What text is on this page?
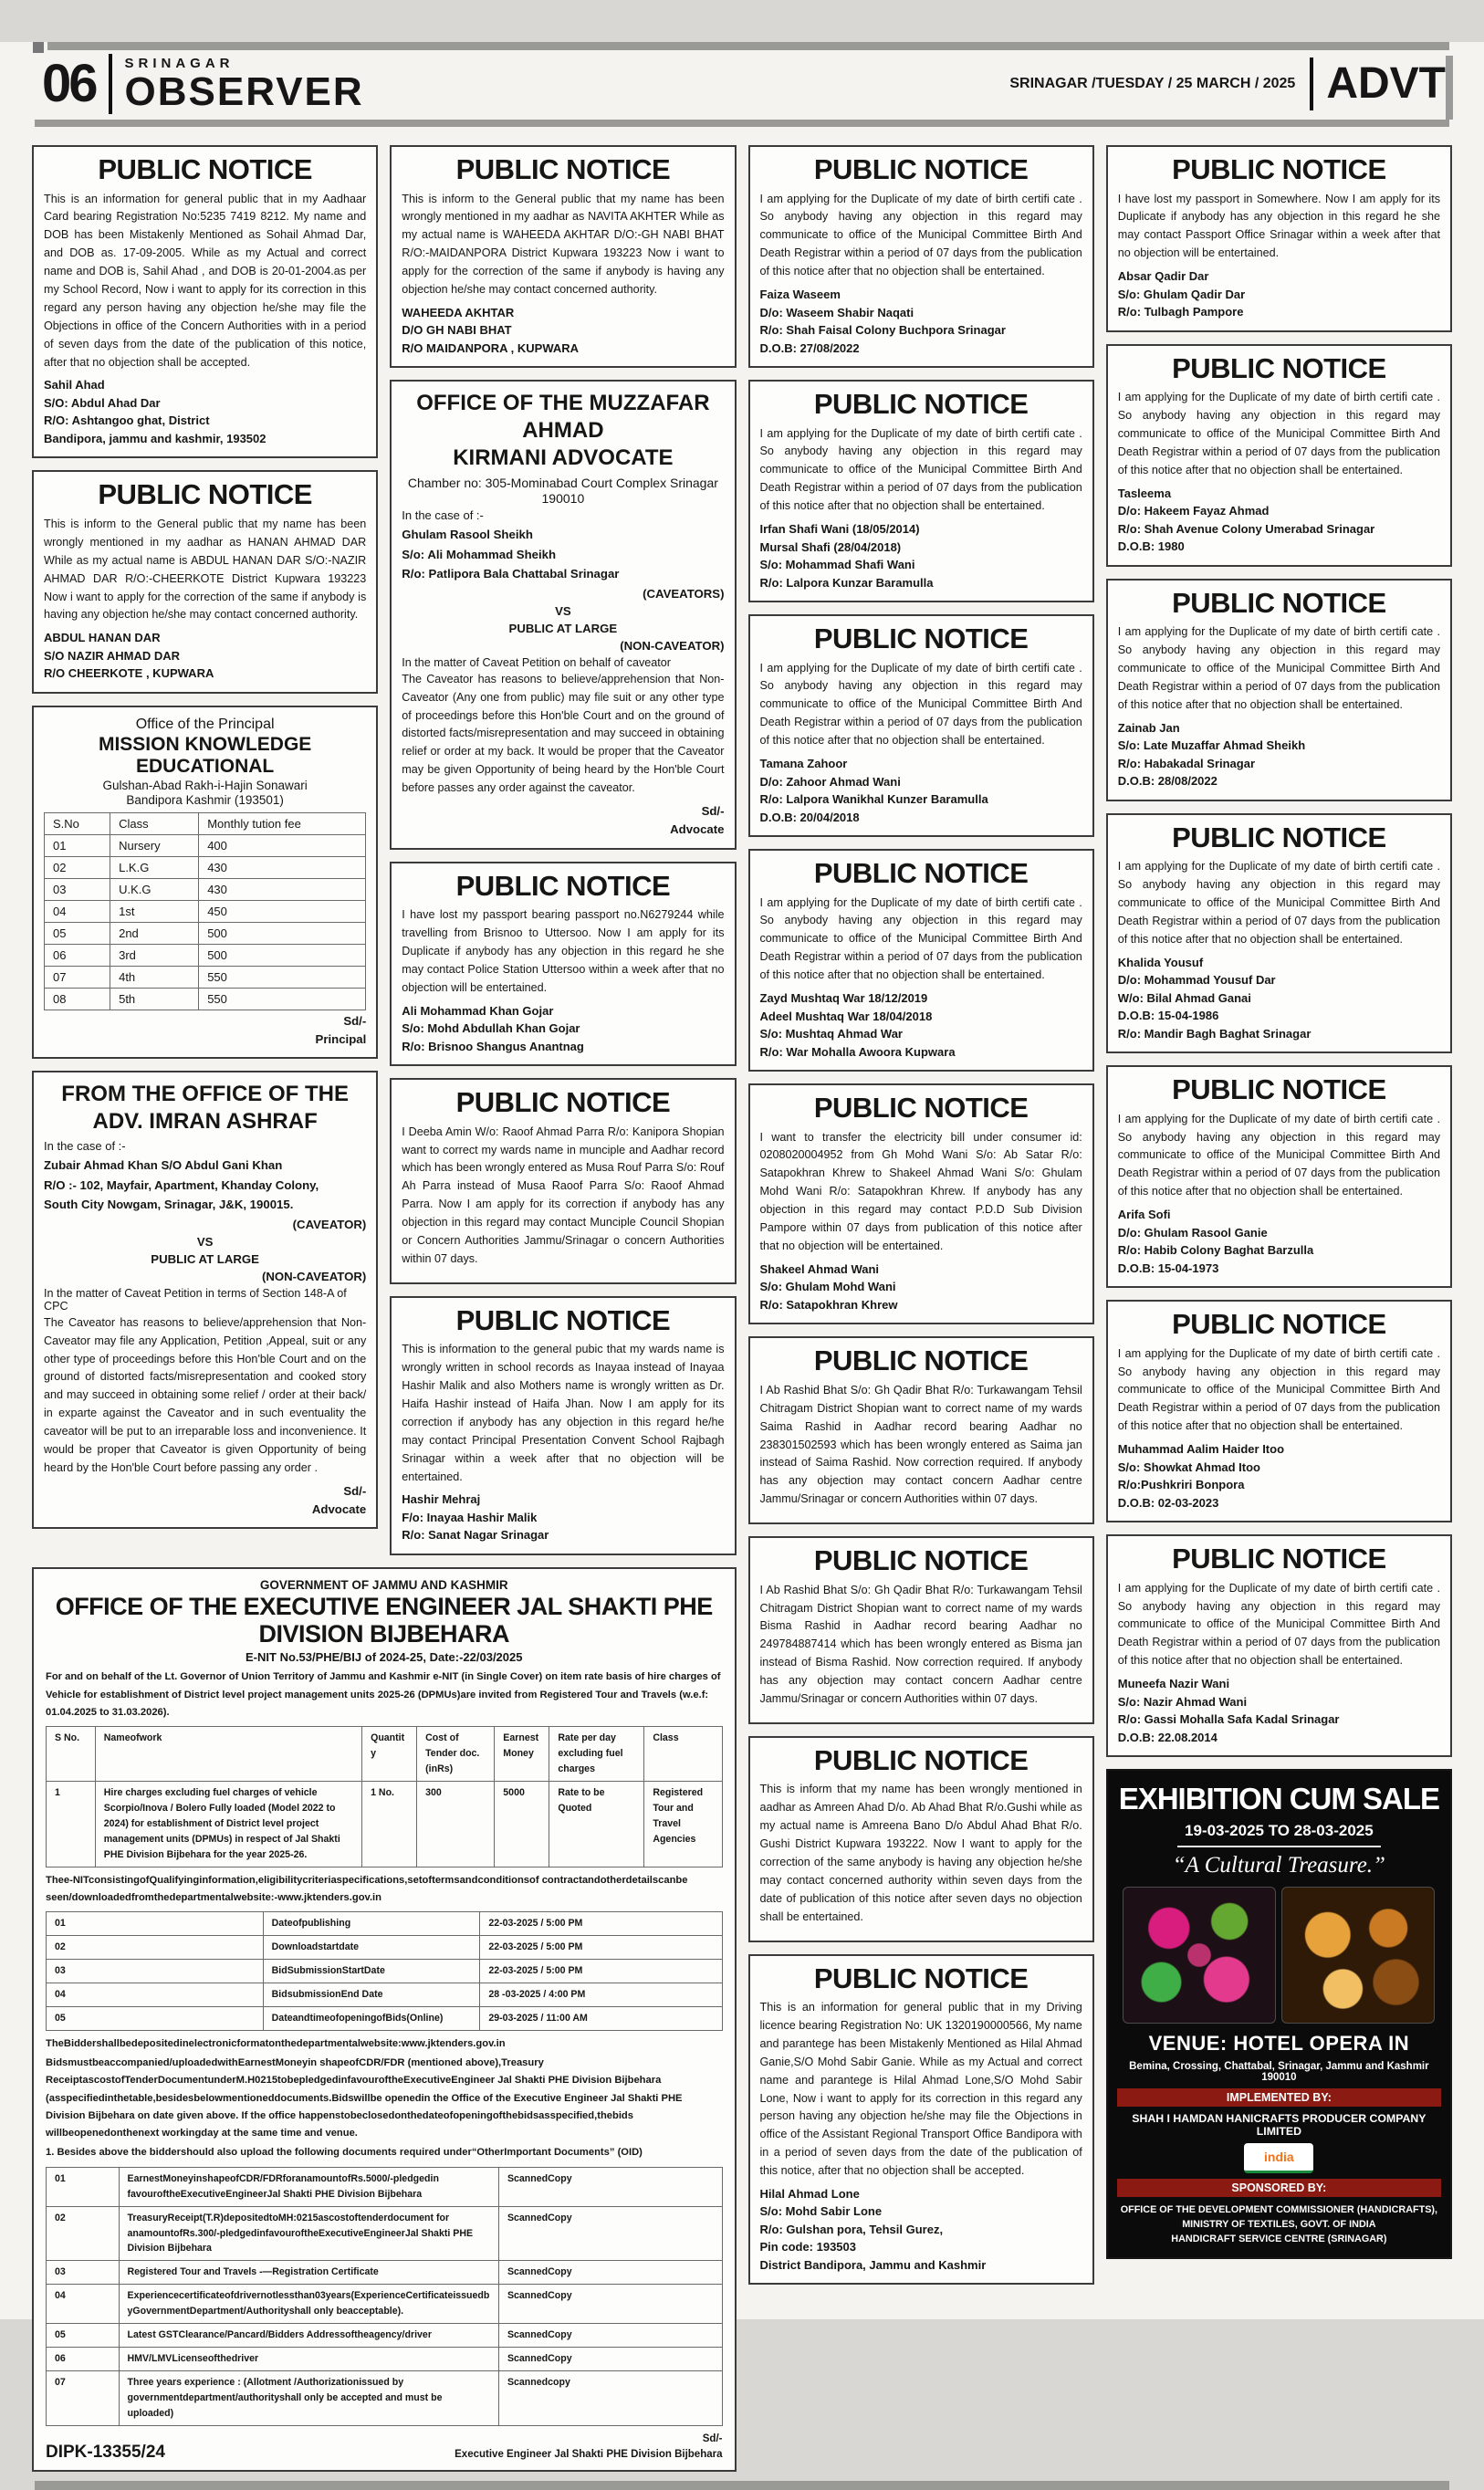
06 SRINAGAR
OBSERVER	SRINAGAR /TUESDAY / 25 MARCH / 2025 ADVT
PUBLIC NOTICE

This is an information for general public that in my Aadhaar Card bearing Registration No:5235 7419 8212. My name and DOB has been Mistakenly Mentioned as Sohail Ahmad Dar, and DOB as. 17-09-2005. While as my Actual and correct name and DOB is, Sahil Ahad , and DOB is 20-01-2004.as per my School Record, Now i want to apply for its correction in this regard any person having any objection he/she may file the Objections in office of the Concern Authorities with in a period of seven days from the date of the publication of this notice, after that no objection shall be accepted.

Sahil Ahad
S/O: Abdul Ahad Dar
R/O: Ashtangoo ghat, District
Bandipora, jammu and kashmir, 193502
PUBLIC NOTICE

This is inform to the General public that my name has been wrongly mentioned in my aadhar as HANAN AHMAD DAR While as my actual name is ABDUL HANAN DAR S/O:-NAZIR AHMAD DAR R/O:-CHEERKOTE District Kupwara 193223 Now i want to apply for the correction of the same if anybody is having any objection he/she may contact concerned authority.

ABDUL HANAN DAR
S/O NAZIR AHMAD DAR
R/O CHEERKOTE , KUPWARA
Office of the Principal
MISSION KNOWLEDGE EDUCATIONAL
Gulshan-Abad Rakh-i-Hajin Sonawari
Bandipora Kashmir (193501)
S.No	Class	Monthly tution fee
01	Nursery	400
02	L.K.G	430
03	U.K.G	430
04	1st	450
05	2nd	500
06	3rd	500
07	4th	550
08	5th	550
Sd/-
Principal
FROM THE OFFICE OF THE
ADV. IMRAN ASHRAF
In the case of :-
Zubair Ahmad Khan S/O Abdul Gani Khan
R/O :- 102, Mayfair, Apartment, Khanday Colony,
South City Nowgam, Srinagar, J&K, 190015.
(CAVEATOR)
VS
PUBLIC AT LARGE
(NON-CAVEATOR)
In the matter of Caveat Petition in terms of Section 148-A of CPC

The Caveator has reasons to believe/apprehension that Non-Caveator may file any Application, Petition ,Appeal, suit or any other type of proceedings before this Hon'ble Court and on the ground of distorted facts/misrepresentation and cooked story and may succeed in obtaining some relief / order at their back/ in exparte against the Caveator and in such eventuality the caveator will be put to an irreparable loss and inconvenience. It would be proper that Caveator is given Opportunity of being heard by the Hon'ble Court before passing any order .

Sd/-
Advocate
PUBLIC NOTICE

This is inform to the General public that my name has been wrongly mentioned in my aadhar as NAVITA AKHTER While as my actual name is WAHEEDA AKHTAR D/O:-GH NABI BHAT R/O:-MAIDANPORA District Kupwara 193223 Now i want to apply for the correction of the same if anybody is having any objection he/she may contact concerned authority.

WAHEEDA AKHTAR
D/O GH NABI BHAT
R/O MAIDANPORA , KUPWARA
OFFICE OF THE MUZZAFAR AHMAD
KIRMANI ADVOCATE
Chamber no: 305-Mominabad Court Complex Srinagar
190010
In the case of :-
Ghulam Rasool Sheikh
S/o: Ali Mohammad Sheikh
R/o: Patlipora Bala Chattabal Srinagar
(CAVEATORS)
VS
PUBLIC AT LARGE
(NON-CAVEATOR)
In the matter of Caveat Petition on behalf of caveator

The Caveator has reasons to believe/apprehension that Non-Caveator (Any one from public) may file suit or any other type of proceedings before this Hon'ble Court and on the ground of distorted facts/misrepresentation and may succeed in obtaining relief or order at my back. It would be proper that the Caveator may be given Opportunity of being heard by the Hon'ble Court before passes any order against the caveator.

Sd/-
Advocate
PUBLIC NOTICE

I have lost my passport bearing passport no.N6279244 while travelling from Brisnoo to Uttersoo. Now I am apply for its Duplicate if anybody has any objection in this regard he she may contact Police Station Uttersoo within a week after that no objection will be entertained.

Ali Mohammad Khan Gojar
S/o: Mohd Abdullah Khan Gojar
R/o: Brisnoo Shangus Anantnag
PUBLIC NOTICE

I Deeba Amin W/o: Raoof Ahmad Parra R/o: Kanipora Shopian want to correct my wards name in munciple and Aadhar record which has been wrongly entered as Musa Rouf Parra S/o: Rouf Ah Parra instead of Musa Raoof Parra S/o: Raoof Ahmad Parra. Now I am apply for its correction if anybody has any objection in this regard may contact Munciple Council Shopian or Concern Authorities Jammu/Srinagar o concern Authorities within 07 days.

PUBLIC NOTICE

This is information to the general pubic that my wards name is wrongly written in school records as Inayaa instead of Inayaa Hashir Malik and also Mothers name is wrongly written as Dr. Haifa Hashir instead of Haifa Jhan. Now I am apply for its correction if anybody has any objection in this regard he/he may contact Principal Presentation Convent School Rajbagh Srinagar within a week after that no objection will be entertained.

Hashir Mehraj
F/o: Inayaa Hashir Malik
R/o: Sanat Nagar Srinagar
PUBLIC NOTICE

I am applying for the Duplicate of my date of birth certifi cate . So anybody having any objection in this regard may communicate to office of the Municipal Committee Birth And Death Registrar within a period of 07 days from the publication of this notice after that no objection shall be entertained.

Faiza Waseem
D/o: Waseem Shabir Naqati
R/o: Shah Faisal Colony Buchpora Srinagar
D.O.B: 27/08/2022
PUBLIC NOTICE

I am applying for the Duplicate of my date of birth certifi cate . So anybody having any objection in this regard may communicate to office of the Municipal Committee Birth And Death Registrar within a period of 07 days from the publication of this notice after that no objection shall be entertained.

Irfan Shafi Wani (18/05/2014)
Mursal Shafi (28/04/2018)
S/o: Mohammad Shafi Wani
R/o: Lalpora Kunzar Baramulla
PUBLIC NOTICE

I am applying for the Duplicate of my date of birth certifi cate . So anybody having any objection in this regard may communicate to office of the Municipal Committee Birth And Death Registrar within a period of 07 days from the publication of this notice after that no objection shall be entertained.

Tamana Zahoor
D/o: Zahoor Ahmad Wani
R/o: Lalpora Wanikhal Kunzer Baramulla
D.O.B: 20/04/2018
PUBLIC NOTICE

I am applying for the Duplicate of my date of birth certifi cate . So anybody having any objection in this regard may communicate to office of the Municipal Committee Birth And Death Registrar within a period of 07 days from the publication of this notice after that no objection shall be entertained.

Zayd Mushtaq War 18/12/2019
Adeel Mushtaq War 18/04/2018
S/o: Mushtaq Ahmad War
R/o: War Mohalla Awoora Kupwara
PUBLIC NOTICE

I want to transfer the electricity bill under consumer id: 0208020004952 from Gh Mohd Wani S/o: Ab Satar R/o: Satapokhran Khrew to Shakeel Ahmad Wani S/o: Ghulam Mohd Wani R/o: Satapokhran Khrew. If anybody has any objection in this regard may contact P.D.D Sub Division Pampore within 07 days from publication of this notice after that no objection will be entertained.

Shakeel Ahmad Wani
S/o: Ghulam Mohd Wani
R/o: Satapokhran Khrew
PUBLIC NOTICE

I Ab Rashid Bhat S/o: Gh Qadir Bhat R/o: Turkawangam Tehsil Chitragam District Shopian want to correct name of my wards Saima Rashid in Aadhar record bearing Aadhar no 238301502593 which has been wrongly entered as Saima jan instead of Saima Rashid. Now correction required. If anybody has any objection may contact concern Aadhar centre Jammu/Srinagar or concern Authorities within 07 days.

PUBLIC NOTICE

I Ab Rashid Bhat S/o: Gh Qadir Bhat R/o: Turkawangam Tehsil Chitragam District Shopian want to correct name of my wards Bisma Rashid in Aadhar record bearing Aadhar no 249784887414 which has been wrongly entered as Bisma jan instead of Bisma Rashid. Now correction required. If anybody has any objection may contact concern Aadhar centre Jammu/Srinagar or concern Authorities within 07 days.

PUBLIC NOTICE

This is inform that my name has been wrongly mentioned in aadhar as Amreen Ahad D/o. Ab Ahad Bhat R/o.Gushi while as my actual name is Amreena Bano D/o Abdul Ahad Bhat R/o. Gushi District Kupwara 193222. Now I want to apply for the correction of the same anybody is having any objection he/she may contact concerned authority within seven days from the date of publication of this notice after seven days no objection shall be entertained.

PUBLIC NOTICE

This is an information for general public that in my Driving licence bearing Registration No: UK 1320190000566, My name and parantege has been Mistakenly Mentioned as Hilal Ahmad Ganie,S/O Mohd Sabir Ganie. While as my Actual and correct name and parantege is Hilal Ahmad Lone,S/O Mohd Sabir Lone, Now i want to apply for its correction in this regard any person having any objection he/she may file the Objections in office of the Assistant Regional Transport Office Bandipora with in a period of seven days from the date of the publication of this notice, after that no objection shall be accepted.

Hilal Ahmad Lone
S/o: Mohd Sabir Lone
R/o: Gulshan pora, Tehsil Gurez,
Pin code: 193503
District Bandipora, Jammu and Kashmir
PUBLIC NOTICE

I have lost my passport in Somewhere. Now I am apply for its Duplicate if anybody has any objection in this regard he she may contact Passport Office Srinagar within a week after that no objection will be entertained.

Absar Qadir Dar
S/o: Ghulam Qadir Dar
R/o: Tulbagh Pampore
PUBLIC NOTICE

I am applying for the Duplicate of my date of birth certifi cate . So anybody having any objection in this regard may communicate to office of the Municipal Committee Birth And Death Registrar within a period of 07 days from the publication of this notice after that no objection shall be entertained.

Tasleema
D/o: Hakeem Fayaz Ahmad
R/o: Shah Avenue Colony Umerabad Srinagar
D.O.B: 1980
PUBLIC NOTICE

I am applying for the Duplicate of my date of birth certifi cate . So anybody having any objection in this regard may communicate to office of the Municipal Committee Birth And Death Registrar within a period of 07 days from the publication of this notice after that no objection shall be entertained.

Zainab Jan
S/o: Late Muzaffar Ahmad Sheikh
R/o: Habakadal Srinagar
D.O.B: 28/08/2022
PUBLIC NOTICE

I am applying for the Duplicate of my date of birth certifi cate . So anybody having any objection in this regard may communicate to office of the Municipal Committee Birth And Death Registrar within a period of 07 days from the publication of this notice after that no objection shall be entertained.

Khalida Yousuf
D/o: Mohammad Yousuf Dar
W/o: Bilal Ahmad Ganai
D.O.B: 15-04-1986
R/o: Mandir Bagh Baghat Srinagar
PUBLIC NOTICE

I am applying for the Duplicate of my date of birth certifi cate . So anybody having any objection in this regard may communicate to office of the Municipal Committee Birth And Death Registrar within a period of 07 days from the publication of this notice after that no objection shall be entertained.

Arifa Sofi
D/o: Ghulam Rasool Ganie
R/o: Habib Colony Baghat Barzulla
D.O.B: 15-04-1973
PUBLIC NOTICE

I am applying for the Duplicate of my date of birth certifi cate . So anybody having any objection in this regard may communicate to office of the Municipal Committee Birth And Death Registrar within a period of 07 days from the publication of this notice after that no objection shall be entertained.

Muhammad Aalim Haider Itoo
S/o: Showkat Ahmad Itoo
R/o:Pushkriri Bonpora
D.O.B: 02-03-2023
PUBLIC NOTICE

I am applying for the Duplicate of my date of birth certifi cate . So anybody having any objection in this regard may communicate to office of the Municipal Committee Birth And Death Registrar within a period of 07 days from the publication of this notice after that no objection shall be entertained.

Muneefa Nazir Wani
S/o: Nazir Ahmad Wani
R/o: Gassi Mohalla Safa Kadal Srinagar
D.O.B: 22.08.2014
EXHIBITION CUM SALE
19-03-2025 TO 28-03-2025
“A Cultural Treasure.”
VENUE: HOTEL OPERA IN
Bemina, Crossing, Chattabal, Srinagar, Jammu and Kashmir 190010
IMPLEMENTED BY:
SHAH I HAMDAN HANICRAFTS PRODUCER COMPANY LIMITED
india
SPONSORED BY:
OFFICE OF THE DEVELOPMENT COMMISSIONER (HANDICRAFTS),
MINISTRY OF TEXTILES, GOVT. OF INDIA
HANDICRAFT SERVICE CENTRE (SRINAGAR)
GOVERNMENT OF JAMMU AND KASHMIR
OFFICE OF THE EXECUTIVE ENGINEER JAL SHAKTI PHE DIVISION BIJBEHARA
E-NIT No.53/PHE/BIJ of 2024-25, Date:-22/03/2025

For and on behalf of the Lt. Governor of Union Territory of Jammu and Kashmir e-NIT (in Single Cover) on item rate basis of hire charges of Vehicle for establishment of District level project management units 2025-26 (DPMUs)are invited from Registered Tour and Travels (w.e.f: 01.04.2025 to 31.03.2026).

S No.	Nameofwork	Quantity	Cost of Tender doc.(inRs)	Earnest Money	Rate per day excluding fuel charges	Class
1	Hire charges excluding fuel charges of vehicle Scorpio/Inova / Bolero Fully loaded (Model 2022 to 2024) for establishment of District level project management units (DPMUs) in respect of Jal Shakti PHE Division Bijbehara for the year 2025-26.	1 No.	300	5000	Rate to be Quoted	Registered Tour and Travel Agencies

Thee-NITconsistingofQualifyinginformation,eligibilitycriteriaspecifications,setoftermsandconditionsof contractandotherdetailscanbe seen/downloadedfromthedepartmentalwebsite:-www.jktenders.gov.in

01	Dateofpublishing	22-03-2025 / 5:00 PM
02	Downloadstartdate	22-03-2025 / 5:00 PM
03	BidSubmissionStartDate	22-03-2025 / 5:00 PM
04	BidsubmissionEnd Date	28 -03-2025 / 4:00 PM
05	DateandtimeofopeningofBids(Online)	29-03-2025 / 11:00 AM

TheBiddershallbedepositedinelectronicformatonthedepartmentalwebsite:www.jktenders.gov.in

Bidsmustbeaccompanied/uploadedwithEarnestMoneyin shapeofCDR/FDR (mentioned above),Treasury ReceiptascostofTenderDocumentunderM.H0215tobepledgedinfavouroftheExecutiveEngineer Jal Shakti PHE Division Bijbehara (asspecifiedinthetable,besidesbelowmentioneddocuments.Bidswillbe openedin the Office of the Executive Engineer Jal Shakti PHE Division Bijbehara on date given above. If the office happenstobeclosedonthedateofopeningofthebidsasspecified,thebids willbeopenedonthenext workingday at the same time and venue.

1. Besides above the biddershould also upload the following documents required under“OtherImportant Documents” (OID)

01	EarnestMoneyinshapeofCDR/FDRforanamountofRs.5000/-pledgedin favouroftheExecutiveEngineerJal Shakti PHE Division Bijbehara	ScannedCopy
02	TreasuryReceipt(T.R)depositedtoMH:0215ascostoftenderdocument for anamountofRs.300/-pledgedinfavouroftheExecutiveEngineerJal Shakti PHE Division Bijbehara	ScannedCopy
03	Registered Tour and Travels -—Registration Certificate	ScannedCopy
04	Experiencecertificateofdrivernotlessthan03years(ExperienceCertificateissuedbyGovernmentDepartment/Authorityshall only beacceptable).	ScannedCopy
05	Latest GSTClearance/Pancard/Bidders Addressoftheagency/driver	ScannedCopy
06	HMV/LMVLicenseofthedriver	ScannedCopy
07	Three years experience : (Allotment /Authorizationissued by governmentdepartment/authorityshall only be accepted and must be uploaded)	Scannedcopy
DIPK-13355/24
Sd/-
Executive Engineer Jal Shakti PHE Division Bijbehara
